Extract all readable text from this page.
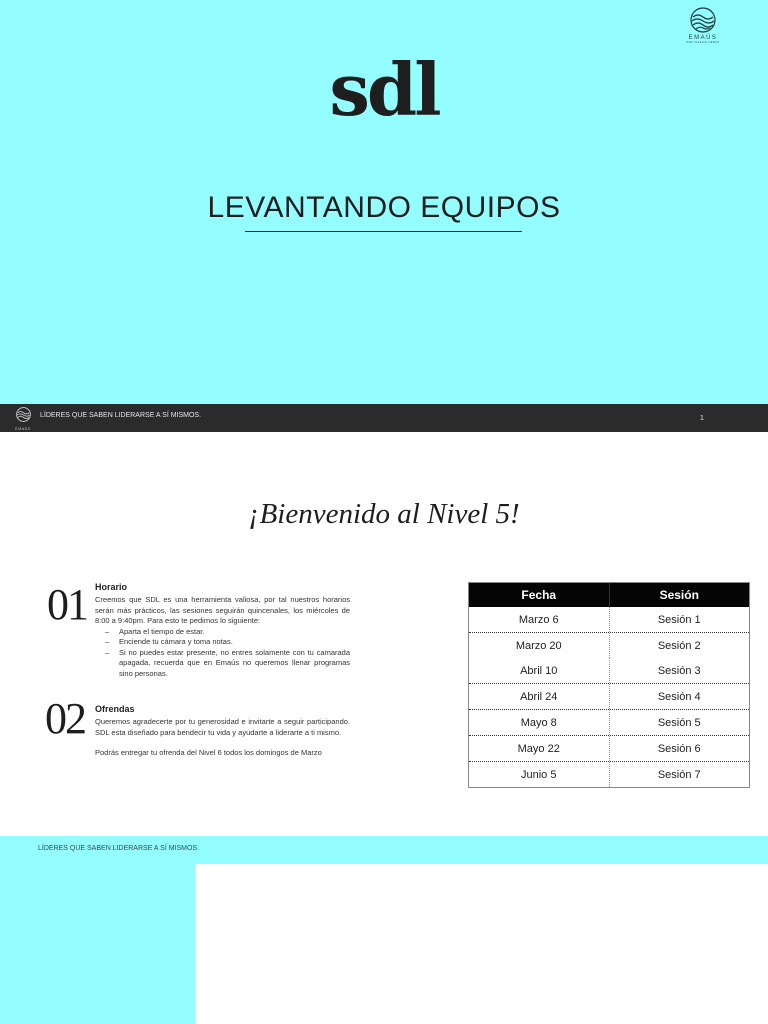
EMAÚS
UNA IGLESIA CERCA
sdl
LEVANTANDO EQUIPOS
EMAÚS
LÍDERES QUE SABEN LIDERARSE A SÍ MISMOS.	1
¡Bienvenido al Nivel 5!
01 Horario

Creemos que SDL es una herramienta valiosa, por tal nuestros horarios serán más prácticos, las sesiones seguirán quincenales, los miércoles de 8:00 a 9:40pm. Para esto te pedimos lo siguiente:

– Aparta el tiempo de estar.
– Enciende tu cámara y toma notas.
– Si no puedes estar presente, no entres solamente con tu camarada apagada, recuerda que en Emaús no queremos llenar programas sino personas.
02 Ofrendas

Queremos agradecerte por tu generosidad e invitarte a seguir participando. SDL esta diseñado para bendecir tu vida y ayudarte a liderarte a ti mismo.

Podrás entregar tu ofrenda del Nivel 6 todos los domingos de Marzo

Fecha	Sesión
Marzo 6	Sesión 1
Marzo 20	Sesión 2
Abril 10	Sesión 3
Abril 24	Sesión 4
Mayo 8	Sesión 5
Mayo 22	Sesión 6
Junio 5	Sesión 7
LÍDERES QUE SABEN LIDERARSE A SÍ MISMOS.
